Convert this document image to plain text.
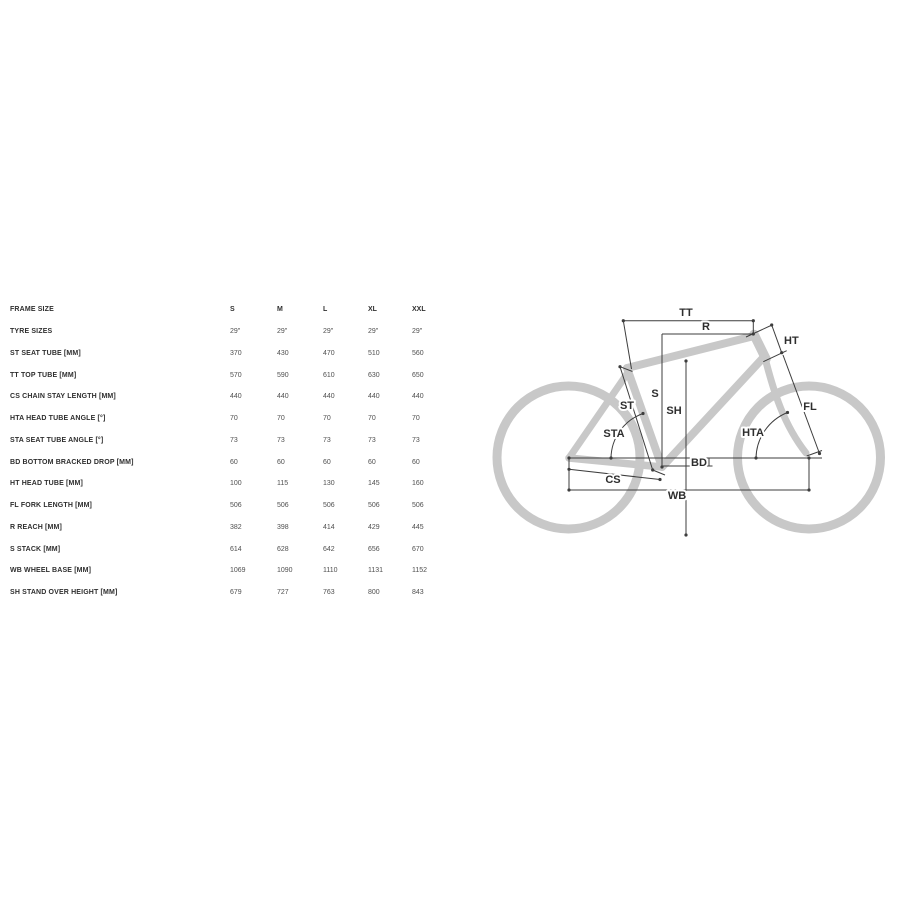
FRAME SIZE	S	M	L	XL	XXL
TYRE SIZES	29"	29"	29"	29"	29"
ST SEAT TUBE [MM]	370	430	470	510	560
TT TOP TUBE [MM]	570	590	610	630	650
CS CHAIN STAY LENGTH [MM]	440	440	440	440	440
HTA HEAD TUBE ANGLE [°]	70	70	70	70	70
STA SEAT TUBE ANGLE [°]	73	73	73	73	73
BD BOTTOM BRACKED DROP [MM]	60	60	60	60	60
HT HEAD TUBE [MM]	100	115	130	145	160
FL FORK LENGTH [MM]	506	506	506	506	506
R REACH [MM]	382	398	414	429	445
S STACK [MM]	614	628	642	656	670
WB WHEEL BASE [MM]	1069	1090	1110	1131	1152
SH STAND OVER HEIGHT [MM]	679	727	763	800	843
TT
R
HT
S
SH
ST
STA	HTA
BD
CS
WB
FL
